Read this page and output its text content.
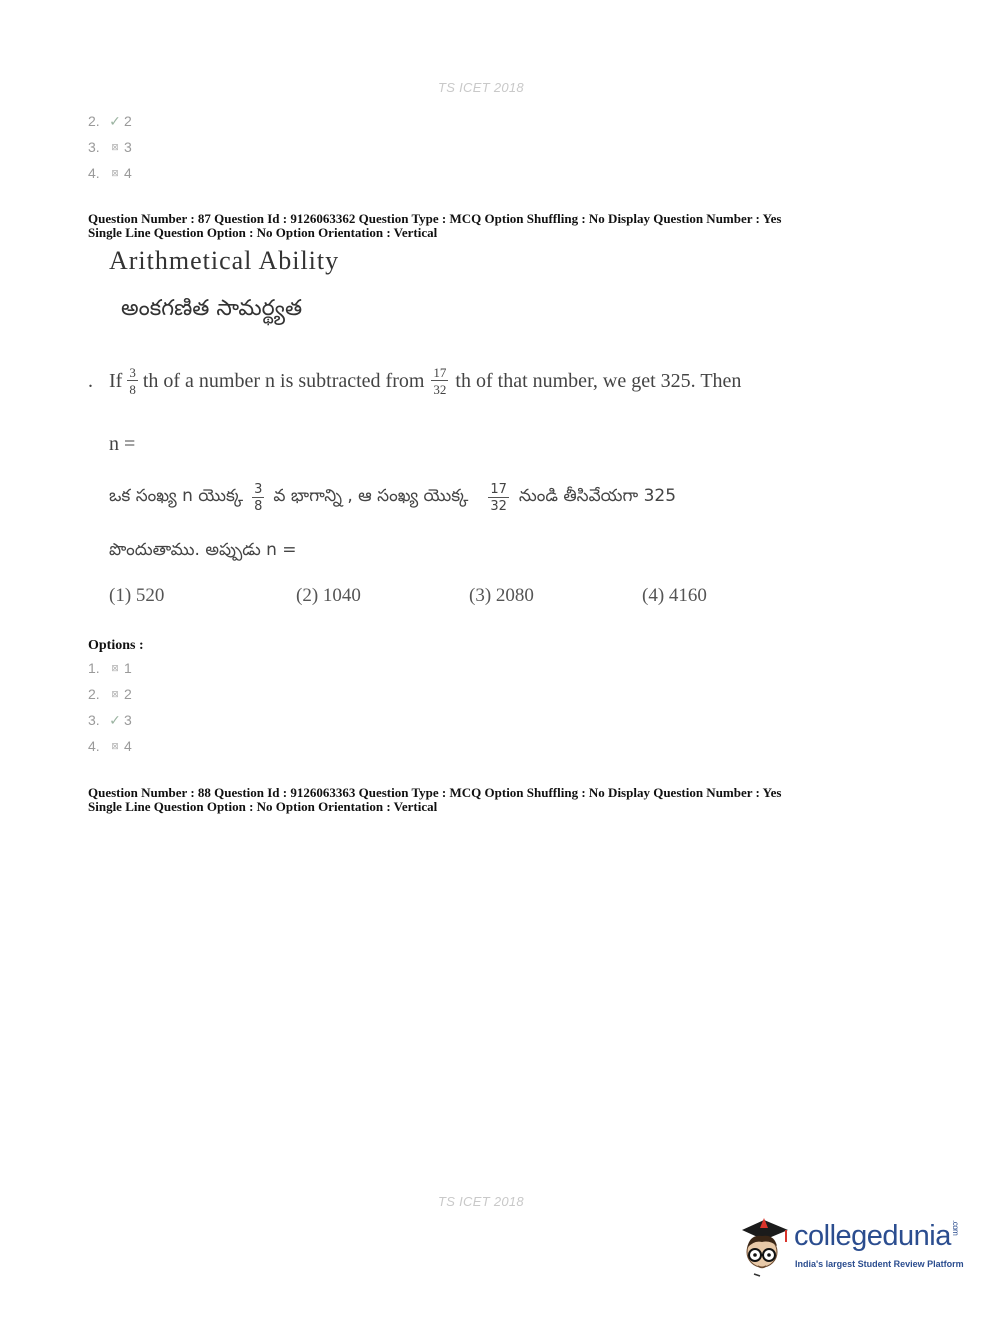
TS ICET 2018
2. ✓ 2
3.	⊠ 3
4.	⊠ 4
Question Number : 87 Question Id : 9126063362 Question Type : MCQ Option Shuffling : No Display Question Number : Yes
Single Line Question Option : No Option Orientation : Vertical
Arithmetical Ability
అంకగణిత సామర్థ్యత
. If $\frac{3}{8}$ th of a number n is subtracted from $\frac{17}{32}$ th of that number, we get 325. Then
n =
ఒక సంఖ్య n యొక్క $\frac{3}{8}$ వ భాగాన్ని , ఆ సంఖ్య యొక్క $\frac{17}{32}$ నుండి తీసివేయగా 325
పొందుతాము. అప్పుడు n =
(1) 520	(2) 1040	(3) 2080	(4) 4160
Options :
1.	⊠ 1
2.	⊠ 2
3. ✓ 3
4.	⊠ 4
Question Number : 88 Question Id : 9126063363 Question Type : MCQ Option Shuffling : No Display Question Number : Yes
Single Line Question Option : No Option Orientation : Vertical
TS ICET 2018
collegedunia.com
India's largest Student Review Platform
